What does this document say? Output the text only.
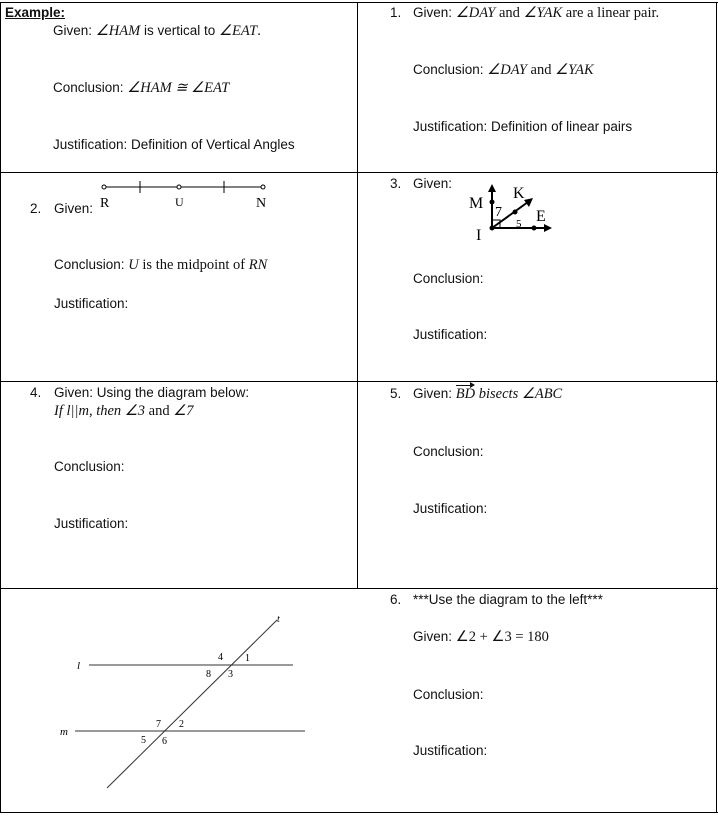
Example:
Given: ∠HAM is vertical to ∠EAT.
Conclusion: ∠HAM ≅ ∠EAT
Justification: Definition of Vertical Angles
1. Given: ∠DAY and ∠YAK are a linear pair.
Conclusion: ∠DAY and ∠YAK
Justification: Definition of linear pairs
2. Given: R	U	N
Conclusion: U is the midpoint of RN
Justification:
3. Given:
M
K
E
I
7
5
Conclusion:
Justification:
4. Given: Using the diagram below:
If l||m, then ∠3 and ∠7
Conclusion:
Justification:
5. Given: BD bisects ∠ABC
Conclusion:
Justification:
t
l
m
1
4
8 3
7 2
5 6
6. ***Use the diagram to the left***
Given: ∠2 + ∠3 = 180
Conclusion:
Justification:
